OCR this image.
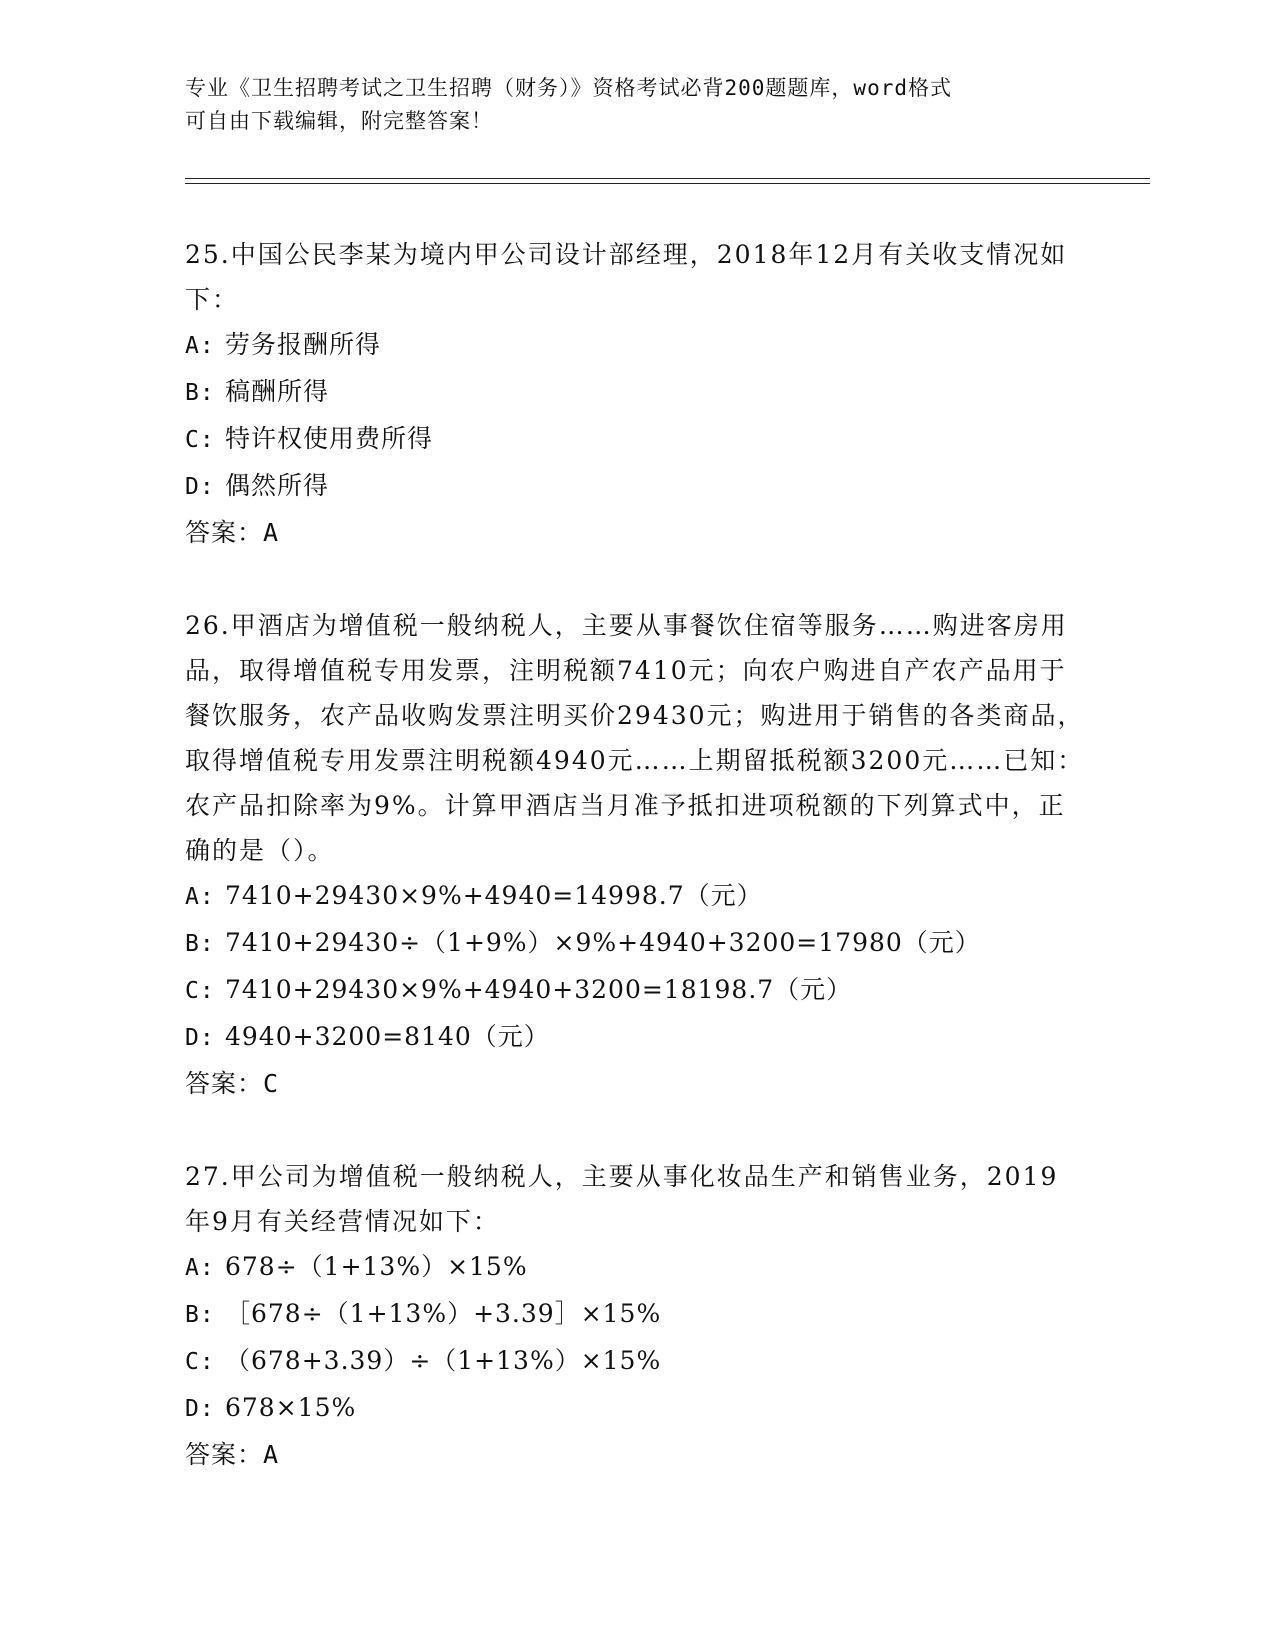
专业《卫生招聘考试之卫生招聘（财务）》资格考试必背200题题库，word格式
可自由下载编辑，附完整答案！

25.中国公民李某为境内甲公司设计部经理，2018年12月有关收支情况如下：

A: 劳务报酬所得
B: 稿酬所得
C: 特许权使用费所得
D: 偶然所得
答案：A

26.甲酒店为增值税一般纳税人，主要从事餐饮住宿等服务……购进客房用品，取得增值税专用发票，注明税额7410元；向农户购进自产农产品用于餐饮服务，农产品收购发票注明买价29430元；购进用于销售的各类商品，取得增值税专用发票注明税额4940元……上期留抵税额3200元……已知：农产品扣除率为9%。计算甲酒店当月准予抵扣进项税额的下列算式中，正确的是（）。

A: 7410+29430×9%+4940=14998.7（元）
B: 7410+29430÷（1+9%）×9%+4940+3200=17980（元）
C: 7410+29430×9%+4940+3200=18198.7（元）
D: 4940+3200=8140（元）
答案：C

27.甲公司为增值税一般纳税人，主要从事化妆品生产和销售业务，2019年9月有关经营情况如下：

A: 678÷（1+13%）×15%
B: ［678÷（1+13%）+3.39］×15%
C: （678+3.39）÷（1+13%）×15%
D: 678×15%
答案：A
